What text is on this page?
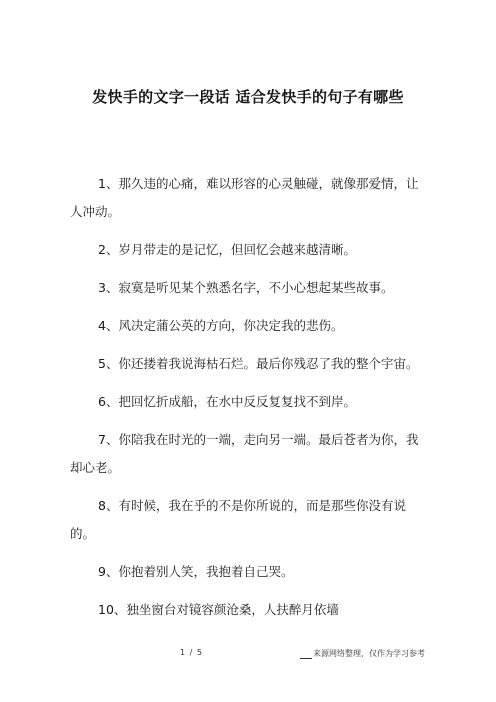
发快手的文字一段话 适合发快手的句子有哪些

1、那久违的心痛，难以形容的心灵触碰，就像那爱情，让人冲动。

2、岁月带走的是记忆，但回忆会越来越清晰。

3、寂寞是听见某个熟悉名字，不小心想起某些故事。

4、风决定蒲公英的方向，你决定我的悲伤。

5、你还搂着我说海枯石烂。最后你残忍了我的整个宇宙。

6、把回忆折成船，在水中反反复复找不到岸。

7、你陪我在时光的一端，走向另一端。最后苍者为你，我却心老。

8、有时候，我在乎的不是你所说的，而是那些你没有说的。

9、你抱着别人笑，我抱着自己哭。

10、独坐窗台对镜容颜沧桑，人扶醉月依墙

1 / 5	来源网络整理，仅作为学习参考
